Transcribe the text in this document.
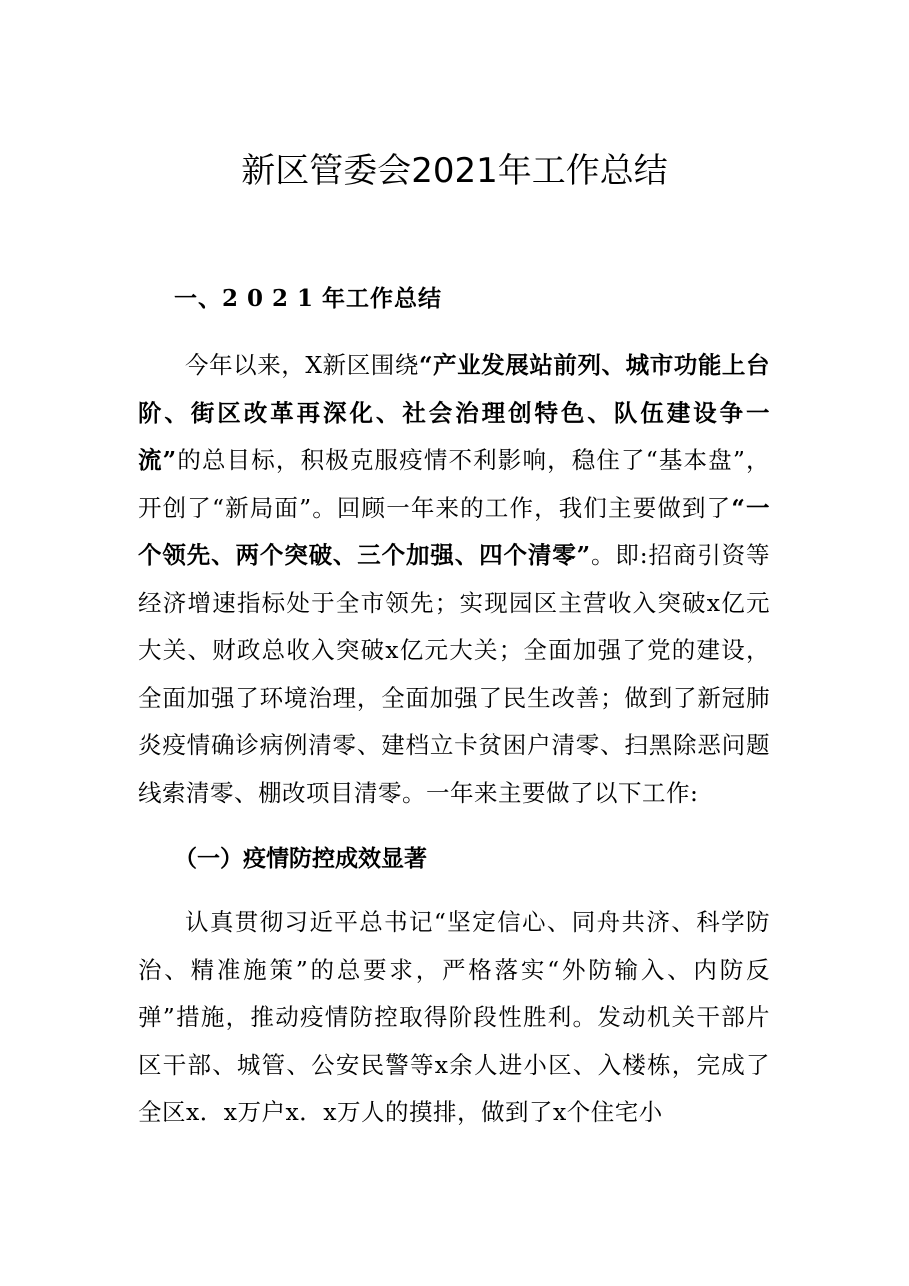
新区管委会2021年工作总结
一、2021年工作总结

今年以来，X新区围绕“产业发展站前列、城市功能上台阶、街区改革再深化、社会治理创特色、队伍建设争一流”的总目标，积极克服疫情不利影响，稳住了“基本盘”，开创了“新局面”。回顾一年来的工作，我们主要做到了“一个领先、两个突破、三个加强、四个清零”。即:招商引资等经济增速指标处于全市领先；实现园区主营收入突破x亿元大关、财政总收入突破x亿元大关；全面加强了党的建设，全面加强了环境治理，全面加强了民生改善；做到了新冠肺炎疫情确诊病例清零、建档立卡贫困户清零、扫黑除恶问题线索清零、棚改项目清零。一年来主要做了以下工作:

（一）疫情防控成效显著

认真贯彻习近平总书记“坚定信心、同舟共济、科学防治、精准施策”的总要求，严格落实“外防输入、内防反弹”措施，推动疫情防控取得阶段性胜利。发动机关干部片区干部、城管、公安民警等x余人进小区、入楼栋，完成了全区x．x万户x．x万人的摸排，做到了x个住宅小
